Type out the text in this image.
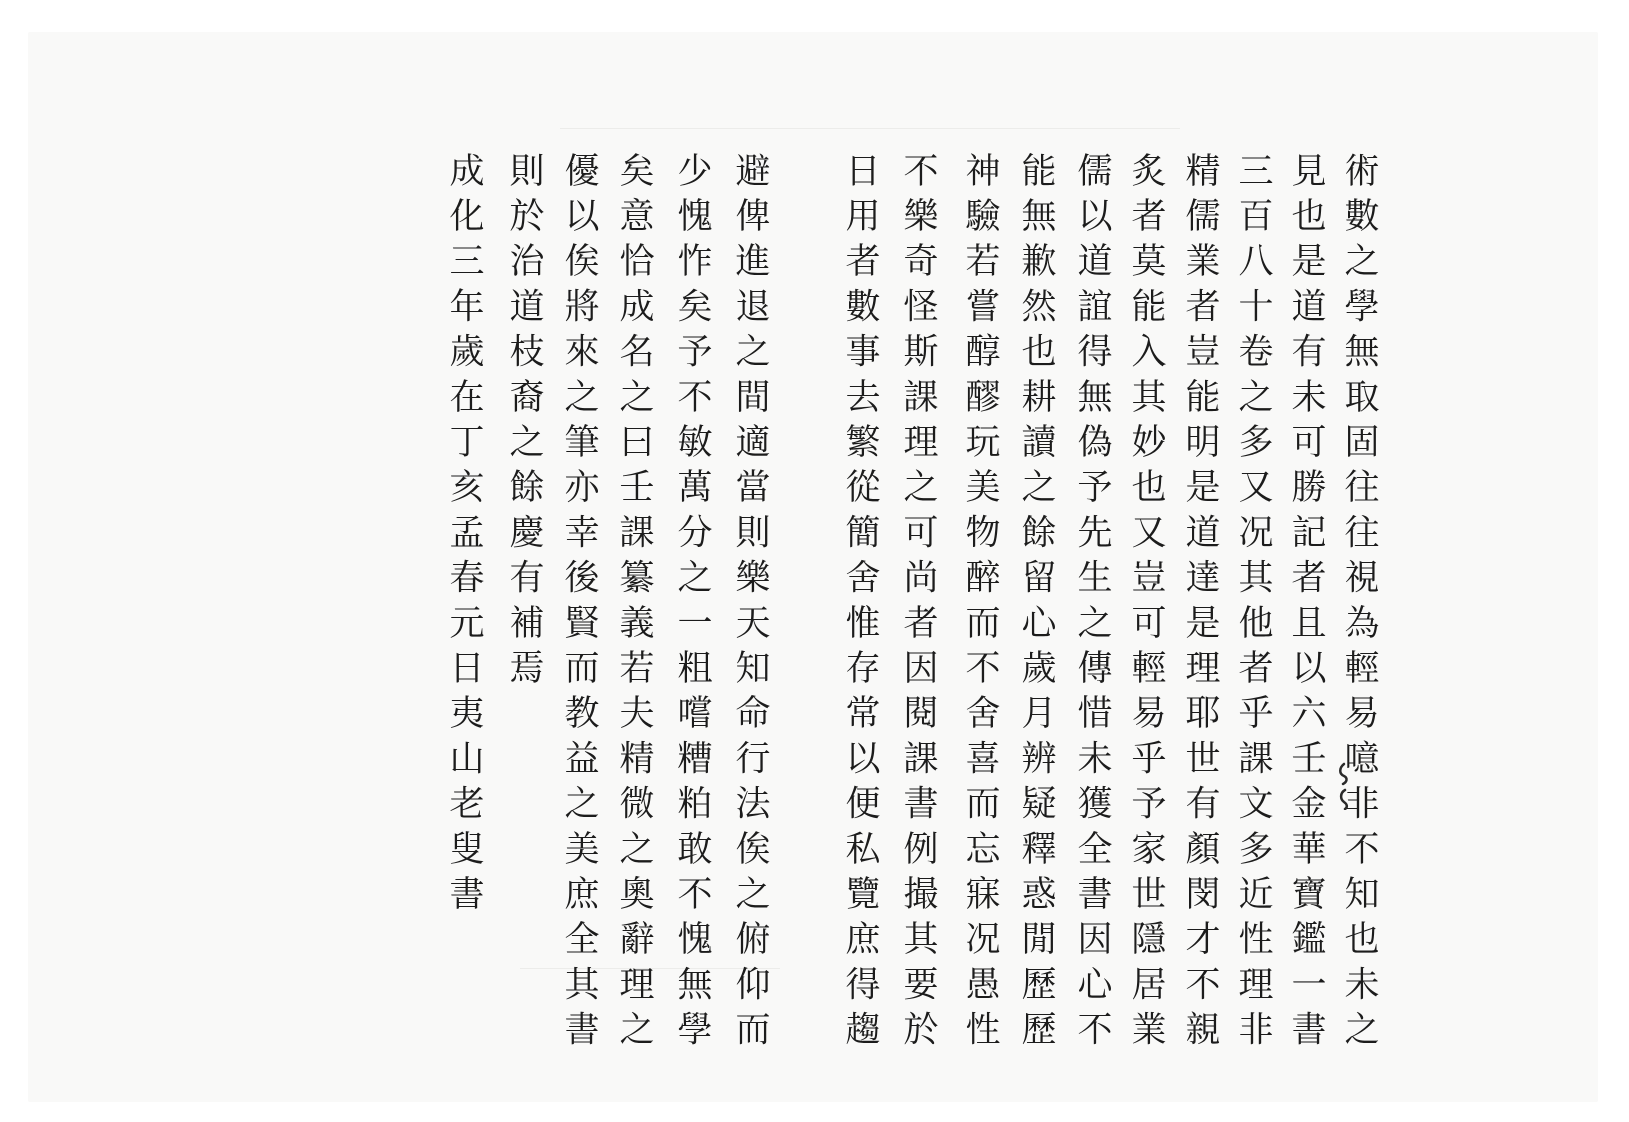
術數之學無取固往往視為輕易噫非不知也未之
見也是道有未可勝記者且以六壬金華寶鑑一書
三百八十卷之多又况其他者乎課文多近性理非
精儒業者豈能明是道達是理耶世有顏閔才不親
炙者莫能入其妙也又豈可輕易乎予家世隱居業
儒以道誼得無偽予先生之傳惜未獲全書因心不
能無歉然也耕讀之餘留心歲月辨疑釋惑閒歷歷
神驗若嘗醇醪玩美物醉而不舍喜而忘寐况愚性
不樂奇怪斯課理之可尚者因閱課書例撮其要於
日用者數事去繁從簡舍惟存常以便私覽庶得趨
避俾進退之間適當則樂天知命行法俟之俯仰而
少愧怍矣予不敏萬分之一粗嚐糟粕敢不愧無學
矣意恰成名之曰壬課纂義若夫精微之奧辭理之
優以俟將來之筆亦幸後賢而教益之美庶全其書
則於治道枝裔之餘慶有補焉
成化三年歲在丁亥孟春元日夷山老叟書
